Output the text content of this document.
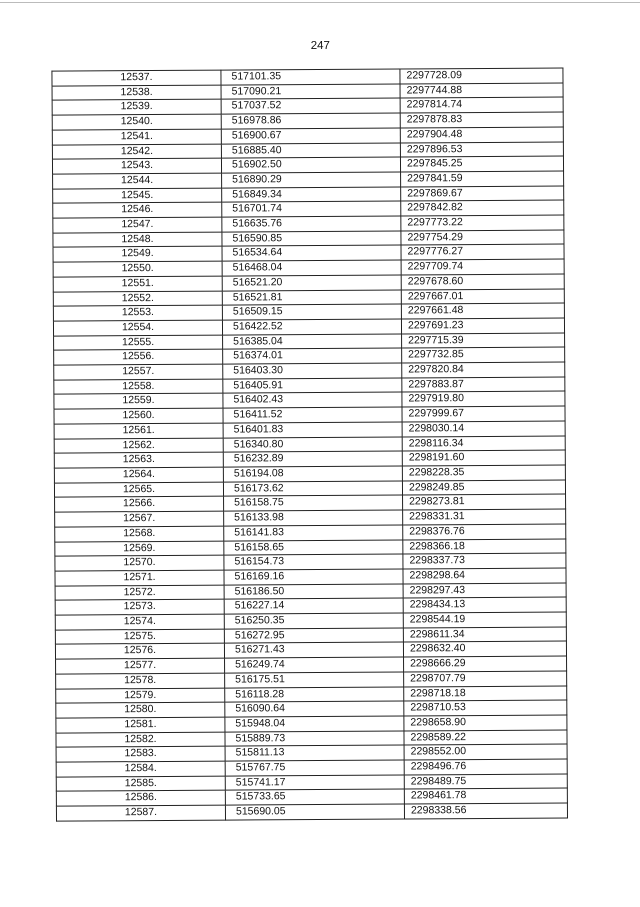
247
12537.	517101.35	2297728.09
12538.	517090.21	2297744.88
12539.	517037.52	2297814.74
12540.	516978.86	2297878.83
12541.	516900.67	2297904.48
12542.	516885.40	2297896.53
12543.	516902.50	2297845.25
12544.	516890.29	2297841.59
12545.	516849.34	2297869.67
12546.	516701.74	2297842.82
12547.	516635.76	2297773.22
12548.	516590.85	2297754.29
12549.	516534.64	2297776.27
12550.	516468.04	2297709.74
12551.	516521.20	2297678.60
12552.	516521.81	2297667.01
12553.	516509.15	2297661.48
12554.	516422.52	2297691.23
12555.	516385.04	2297715.39
12556.	516374.01	2297732.85
12557.	516403.30	2297820.84
12558.	516405.91	2297883.87
12559.	516402.43	2297919.80
12560.	516411.52	2297999.67
12561.	516401.83	2298030.14
12562.	516340.80	2298116.34
12563.	516232.89	2298191.60
12564.	516194.08	2298228.35
12565.	516173.62	2298249.85
12566.	516158.75	2298273.81
12567.	516133.98	2298331.31
12568.	516141.83	2298376.76
12569.	516158.65	2298366.18
12570.	516154.73	2298337.73
12571.	516169.16	2298298.64
12572.	516186.50	2298297.43
12573.	516227.14	2298434.13
12574.	516250.35	2298544.19
12575.	516272.95	2298611.34
12576.	516271.43	2298632.40
12577.	516249.74	2298666.29
12578.	516175.51	2298707.79
12579.	516118.28	2298718.18
12580.	516090.64	2298710.53
12581.	515948.04	2298658.90
12582.	515889.73	2298589.22
12583.	515811.13	2298552.00
12584.	515767.75	2298496.76
12585.	515741.17	2298489.75
12586.	515733.65	2298461.78
12587.	515690.05	2298338.56
